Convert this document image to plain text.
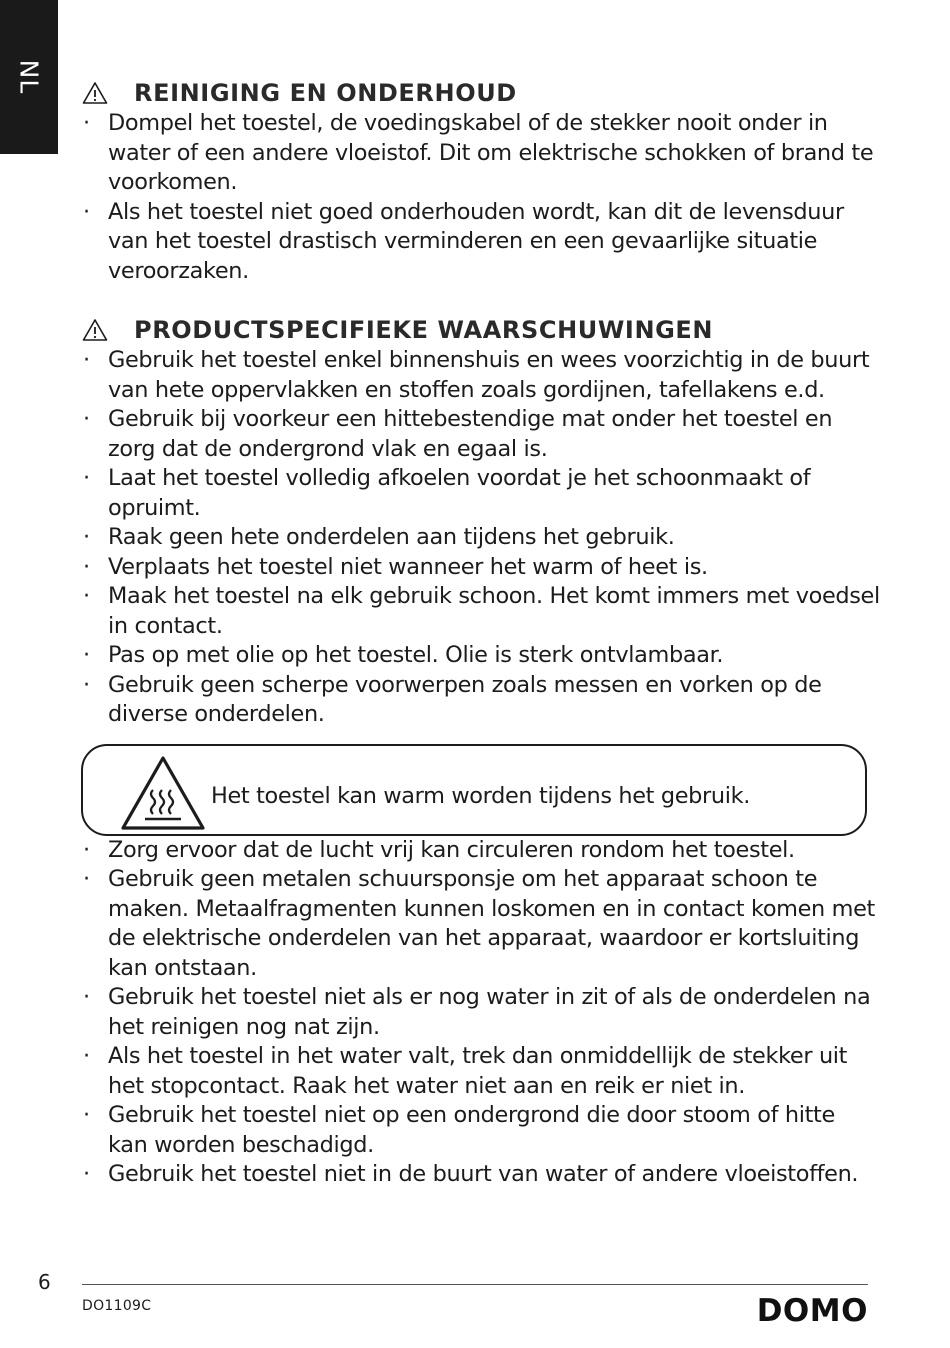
NL	REINIGING EN ONDERHOUD
· Dompel het toestel, de voedingskabel of de stekker nooit onder in water of een andere vloeistof. Dit om elektrische schokken of brand te voorkomen.
· Als het toestel niet goed onderhouden wordt, kan dit de levensduur van het toestel drastisch verminderen en een gevaarlijke situatie veroorzaken.
PRODUCTSPECIFIEKE WAARSCHUWINGEN
· Gebruik het toestel enkel binnenshuis en wees voorzichtig in de buurt van hete oppervlakken en stoffen zoals gordijnen, tafellakens e.d.
· Gebruik bij voorkeur een hittebestendige mat onder het toestel en zorg dat de ondergrond vlak en egaal is.
· Laat het toestel volledig afkoelen voordat je het schoonmaakt of opruimt.
· Raak geen hete onderdelen aan tijdens het gebruik.
· Verplaats het toestel niet wanneer het warm of heet is.
· Maak het toestel na elk gebruik schoon. Het komt immers met voedsel in contact.
· Pas op met olie op het toestel. Olie is sterk ontvlambaar.
· Gebruik geen scherpe voorwerpen zoals messen en vorken op de diverse onderdelen.
Het toestel kan warm worden tijdens het gebruik.
· Zorg ervoor dat de lucht vrij kan circuleren rondom het toestel.
· Gebruik geen metalen schuursponsje om het apparaat schoon te maken. Metaalfragmenten kunnen loskomen en in contact komen met de elektrische onderdelen van het apparaat, waardoor er kortsluiting kan ontstaan.
· Gebruik het toestel niet als er nog water in zit of als de onderdelen na het reinigen nog nat zijn.
· Als het toestel in het water valt, trek dan onmiddellijk de stekker uit het stopcontact. Raak het water niet aan en reik er niet in.
· Gebruik het toestel niet op een ondergrond die door stoom of hitte kan worden beschadigd.
· Gebruik het toestel niet in de buurt van water of andere vloeistoffen.
6
DO1109C	DOMO
